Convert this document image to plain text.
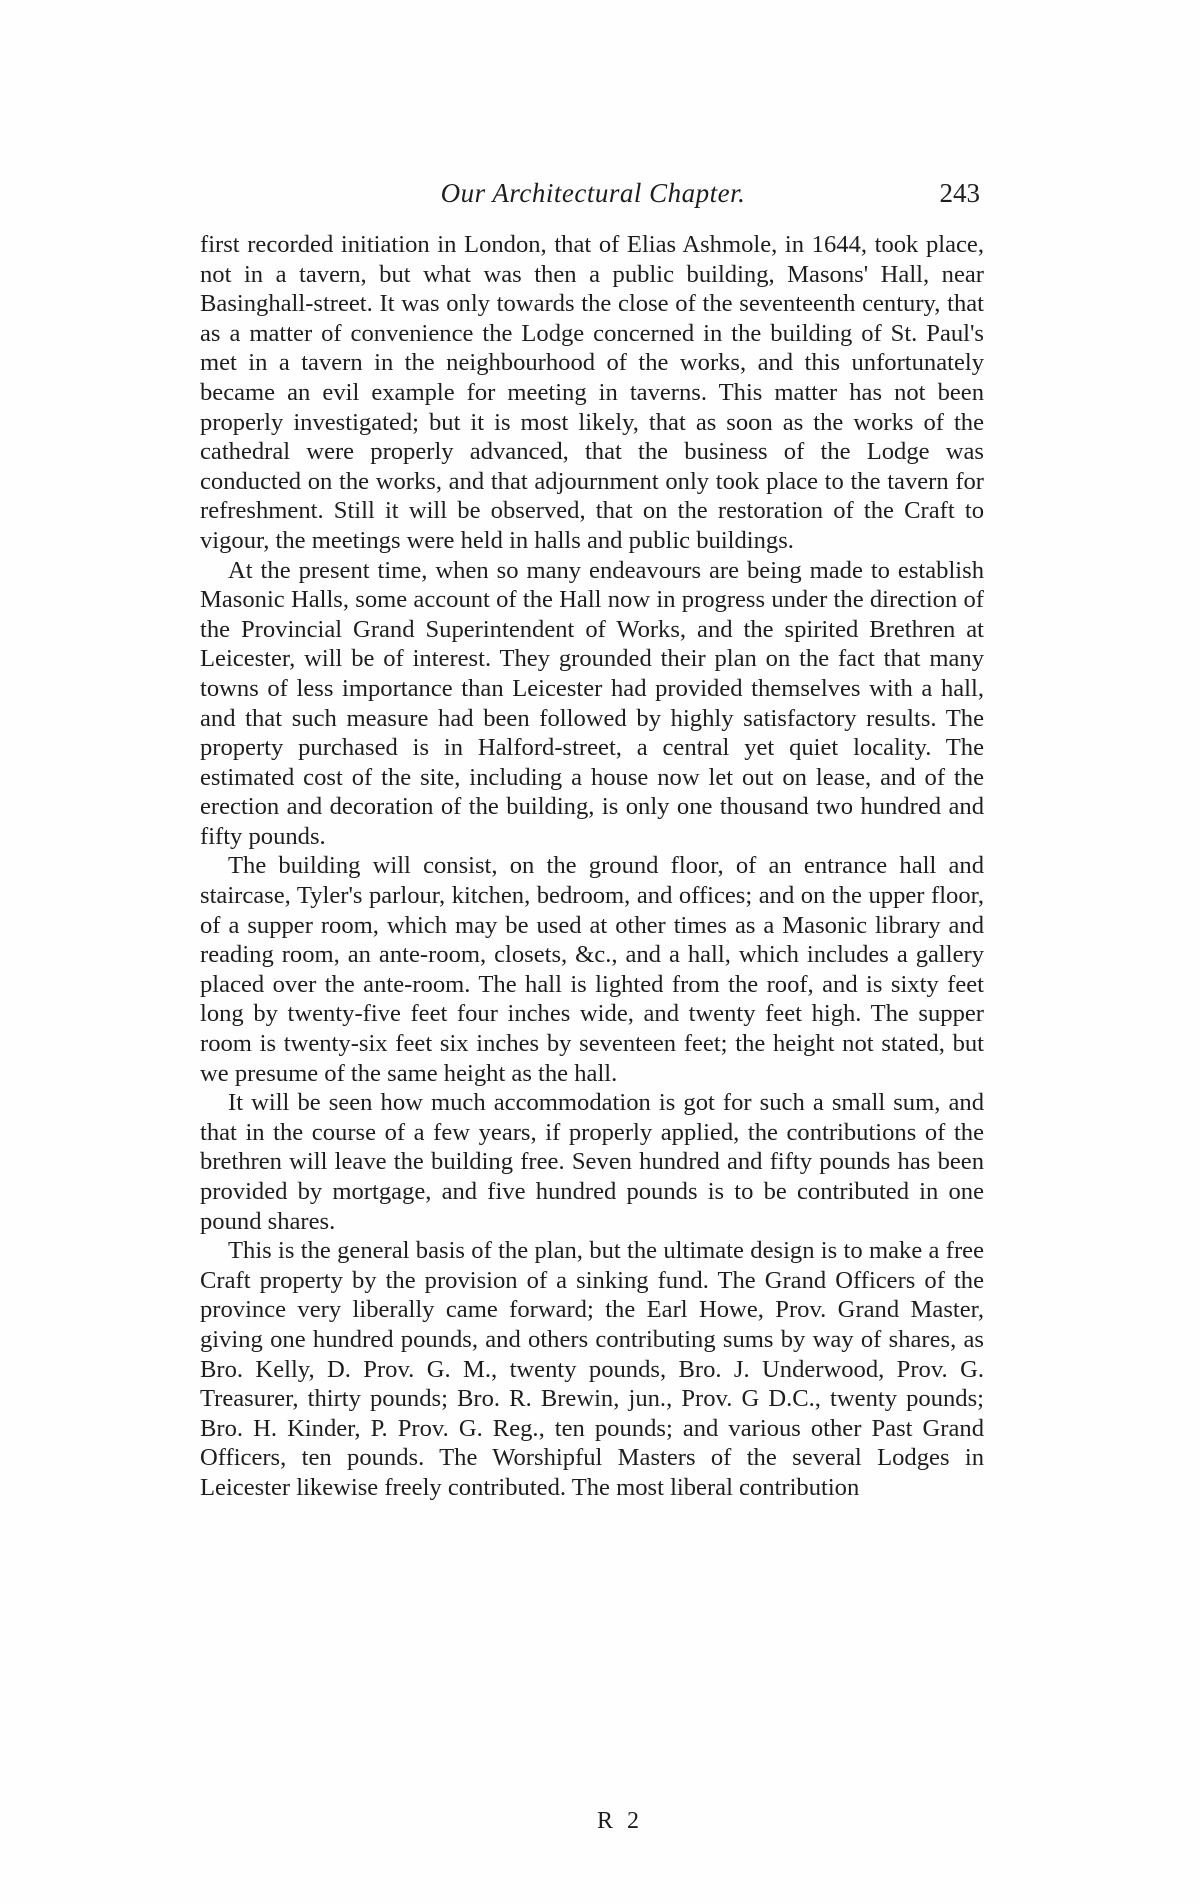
Our Architectural Chapter.	243

first recorded initiation in London, that of Elias Ashmole, in 1644, took place, not in a tavern, but what was then a public building, Masons' Hall, near Basinghall-street. It was only towards the close of the seventeenth century, that as a matter of convenience the Lodge concerned in the building of St. Paul's met in a tavern in the neighbourhood of the works, and this unfortunately became an evil example for meeting in taverns. This matter has not been properly investigated; but it is most likely, that as soon as the works of the cathedral were properly advanced, that the business of the Lodge was conducted on the works, and that adjournment only took place to the tavern for refreshment. Still it will be observed, that on the restoration of the Craft to vigour, the meetings were held in halls and public buildings.

At the present time, when so many endeavours are being made to establish Masonic Halls, some account of the Hall now in progress under the direction of the Provincial Grand Superintendent of Works, and the spirited Brethren at Leicester, will be of interest. They grounded their plan on the fact that many towns of less importance than Leicester had provided themselves with a hall, and that such measure had been followed by highly satisfactory results. The property purchased is in Halford-street, a central yet quiet locality. The estimated cost of the site, including a house now let out on lease, and of the erection and decoration of the building, is only one thousand two hundred and fifty pounds.

The building will consist, on the ground floor, of an entrance hall and staircase, Tyler's parlour, kitchen, bedroom, and offices; and on the upper floor, of a supper room, which may be used at other times as a Masonic library and reading room, an ante-room, closets, &c., and a hall, which includes a gallery placed over the ante-room. The hall is lighted from the roof, and is sixty feet long by twenty-five feet four inches wide, and twenty feet high. The supper room is twenty-six feet six inches by seventeen feet; the height not stated, but we presume of the same height as the hall.

It will be seen how much accommodation is got for such a small sum, and that in the course of a few years, if properly applied, the contributions of the brethren will leave the building free. Seven hundred and fifty pounds has been provided by mortgage, and five hundred pounds is to be contributed in one pound shares.

This is the general basis of the plan, but the ultimate design is to make a free Craft property by the provision of a sinking fund. The Grand Officers of the province very liberally came forward; the Earl Howe, Prov. Grand Master, giving one hundred pounds, and others contributing sums by way of shares, as Bro. Kelly, D. Prov. G. M., twenty pounds, Bro. J. Underwood, Prov. G. Treasurer, thirty pounds; Bro. R. Brewin, jun., Prov. G D.C., twenty pounds; Bro. H. Kinder, P. Prov. G. Reg., ten pounds; and various other Past Grand Officers, ten pounds. The Worshipful Masters of the several Lodges in Leicester likewise freely contributed. The most liberal contribution

R 2
